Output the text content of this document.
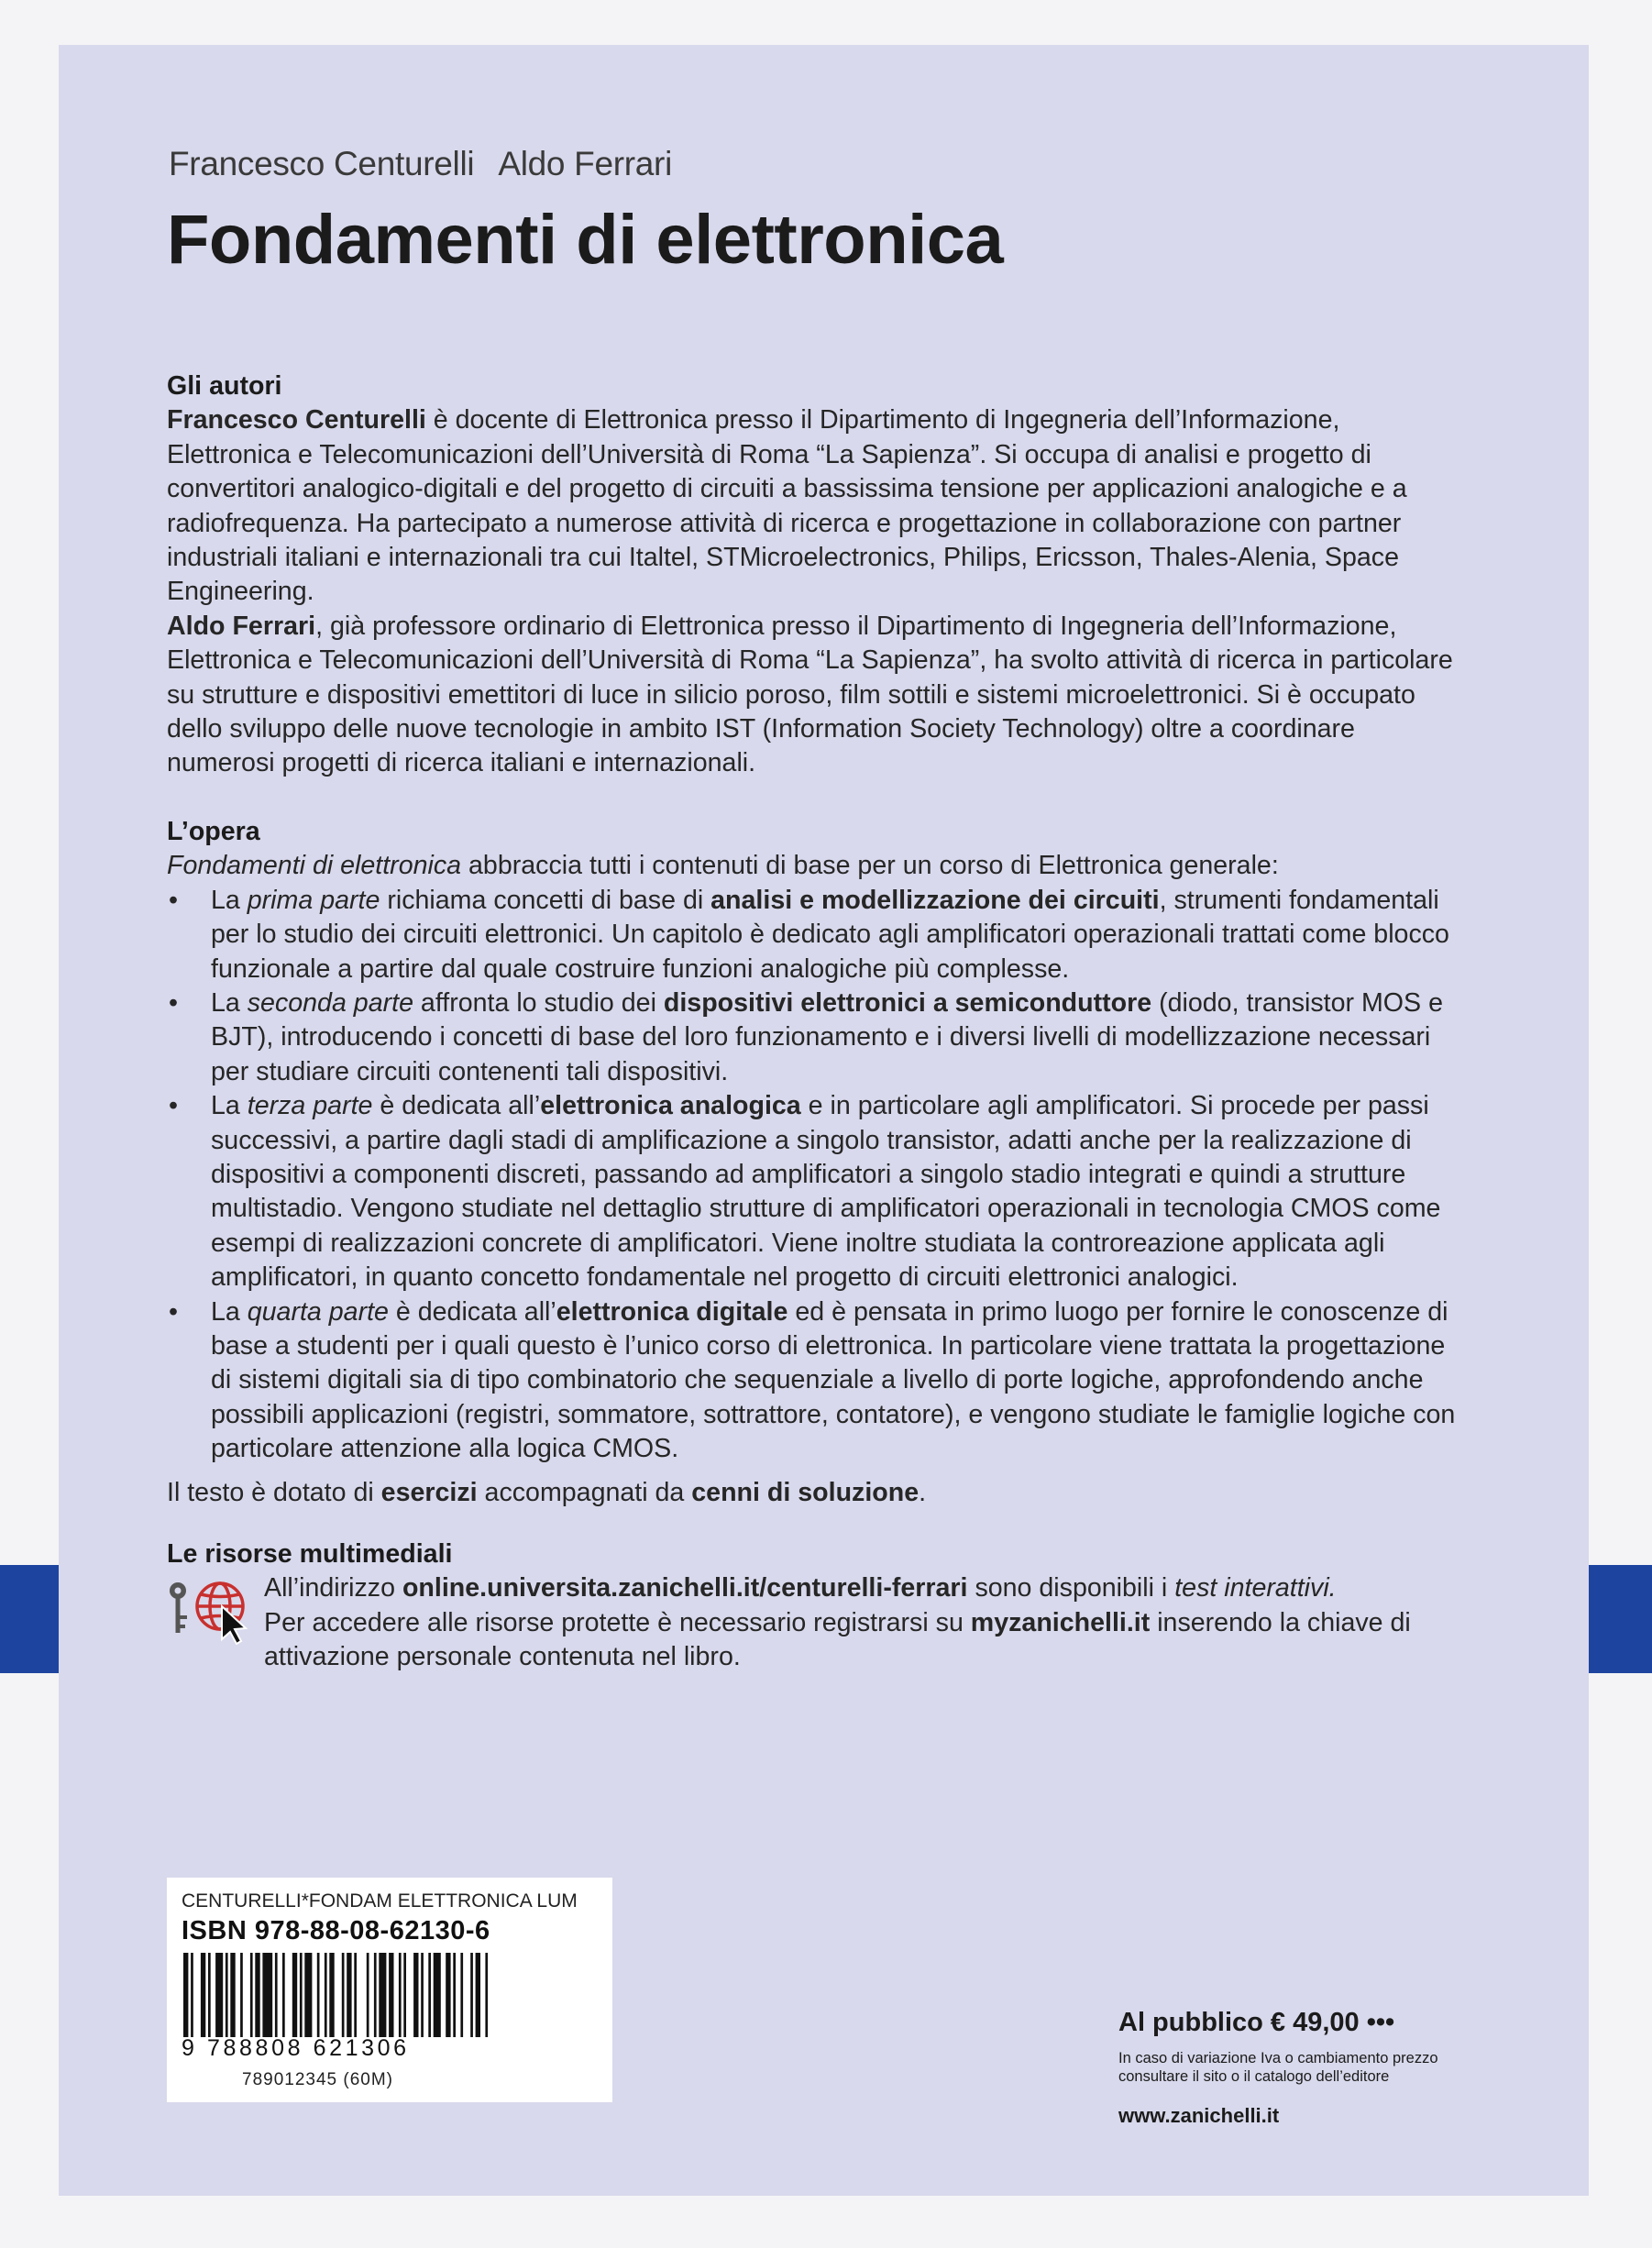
Francesco Centurelli Aldo Ferrari
Fondamenti di elettronica

Gli autori

Francesco Centurelli è docente di Elettronica presso il Dipartimento di Ingegneria dell’Informazione, Elettronica e Telecomunicazioni dell’Università di Roma “La Sapienza”. Si occupa di analisi e progetto di convertitori analogico-digitali e del progetto di circuiti a bassissima tensione per applicazioni analogiche e a radiofrequenza. Ha partecipato a numerose attività di ricerca e progettazione in collaborazione con partner industriali italiani e internazionali tra cui Italtel, STMicroelectronics, Philips, Ericsson, Thales-Alenia, Space Engineering.

Aldo Ferrari, già professore ordinario di Elettronica presso il Dipartimento di Ingegneria dell’Informazione, Elettronica e Telecomunicazioni dell’Università di Roma “La Sapienza”, ha svolto attività di ricerca in particolare su strutture e dispositivi emettitori di luce in silicio poroso, film sottili e sistemi microelettronici. Si è occupato dello sviluppo delle nuove tecnologie in ambito IST (Information Society Technology) oltre a coordinare numerosi progetti di ricerca italiani e internazionali.

L’opera

Fondamenti di elettronica abbraccia tutti i contenuti di base per un corso di Elettronica generale:

• La prima parte richiama concetti di base di analisi e modellizzazione dei circuiti, strumenti fondamentali per lo studio dei circuiti elettronici. Un capitolo è dedicato agli amplificatori operazionali trattati come blocco funzionale a partire dal quale costruire funzioni analogiche più complesse.
• La seconda parte affronta lo studio dei dispositivi elettronici a semiconduttore (diodo, transistor MOS e BJT), introducendo i concetti di base del loro funzionamento e i diversi livelli di modellizzazione necessari per studiare circuiti contenenti tali dispositivi.
• La terza parte è dedicata all’elettronica analogica e in particolare agli amplificatori. Si procede per passi successivi, a partire dagli stadi di amplificazione a singolo transistor, adatti anche per la realizzazione di dispositivi a componenti discreti, passando ad amplificatori a singolo stadio integrati e quindi a strutture multistadio. Vengono studiate nel dettaglio strutture di amplificatori operazionali in tecnologia CMOS come esempi di realizzazioni concrete di amplificatori. Viene inoltre studiata la controreazione applicata agli amplificatori, in quanto concetto fondamentale nel progetto di circuiti elettronici analogici.
• La quarta parte è dedicata all’elettronica digitale ed è pensata in primo luogo per fornire le conoscenze di base a studenti per i quali questo è l’unico corso di elettronica. In particolare viene trattata la progettazione di sistemi digitali sia di tipo combinatorio che sequenziale a livello di porte logiche, approfondendo anche possibili applicazioni (registri, sommatore, sottrattore, contatore), e vengono studiate le famiglie logiche con particolare attenzione alla logica CMOS.

Il testo è dotato di esercizi accompagnati da cenni di soluzione.

Le risorse multimediali

All’indirizzo online.universita.zanichelli.it/centurelli-ferrari sono disponibili i test interattivi.
Per accedere alle risorse protette è necessario registrarsi su myzanichelli.it inserendo la chiave di attivazione personale contenuta nel libro.
CENTURELLI*FONDAM ELETTRONICA LUM
ISBN 978-88-08-62130-6
9 788808 621306
789012345 (60M)
Al pubblico € 49,00 •••
In caso di variazione Iva o cambiamento prezzo consultare il sito o il catalogo dell’editore
www.zanichelli.it
